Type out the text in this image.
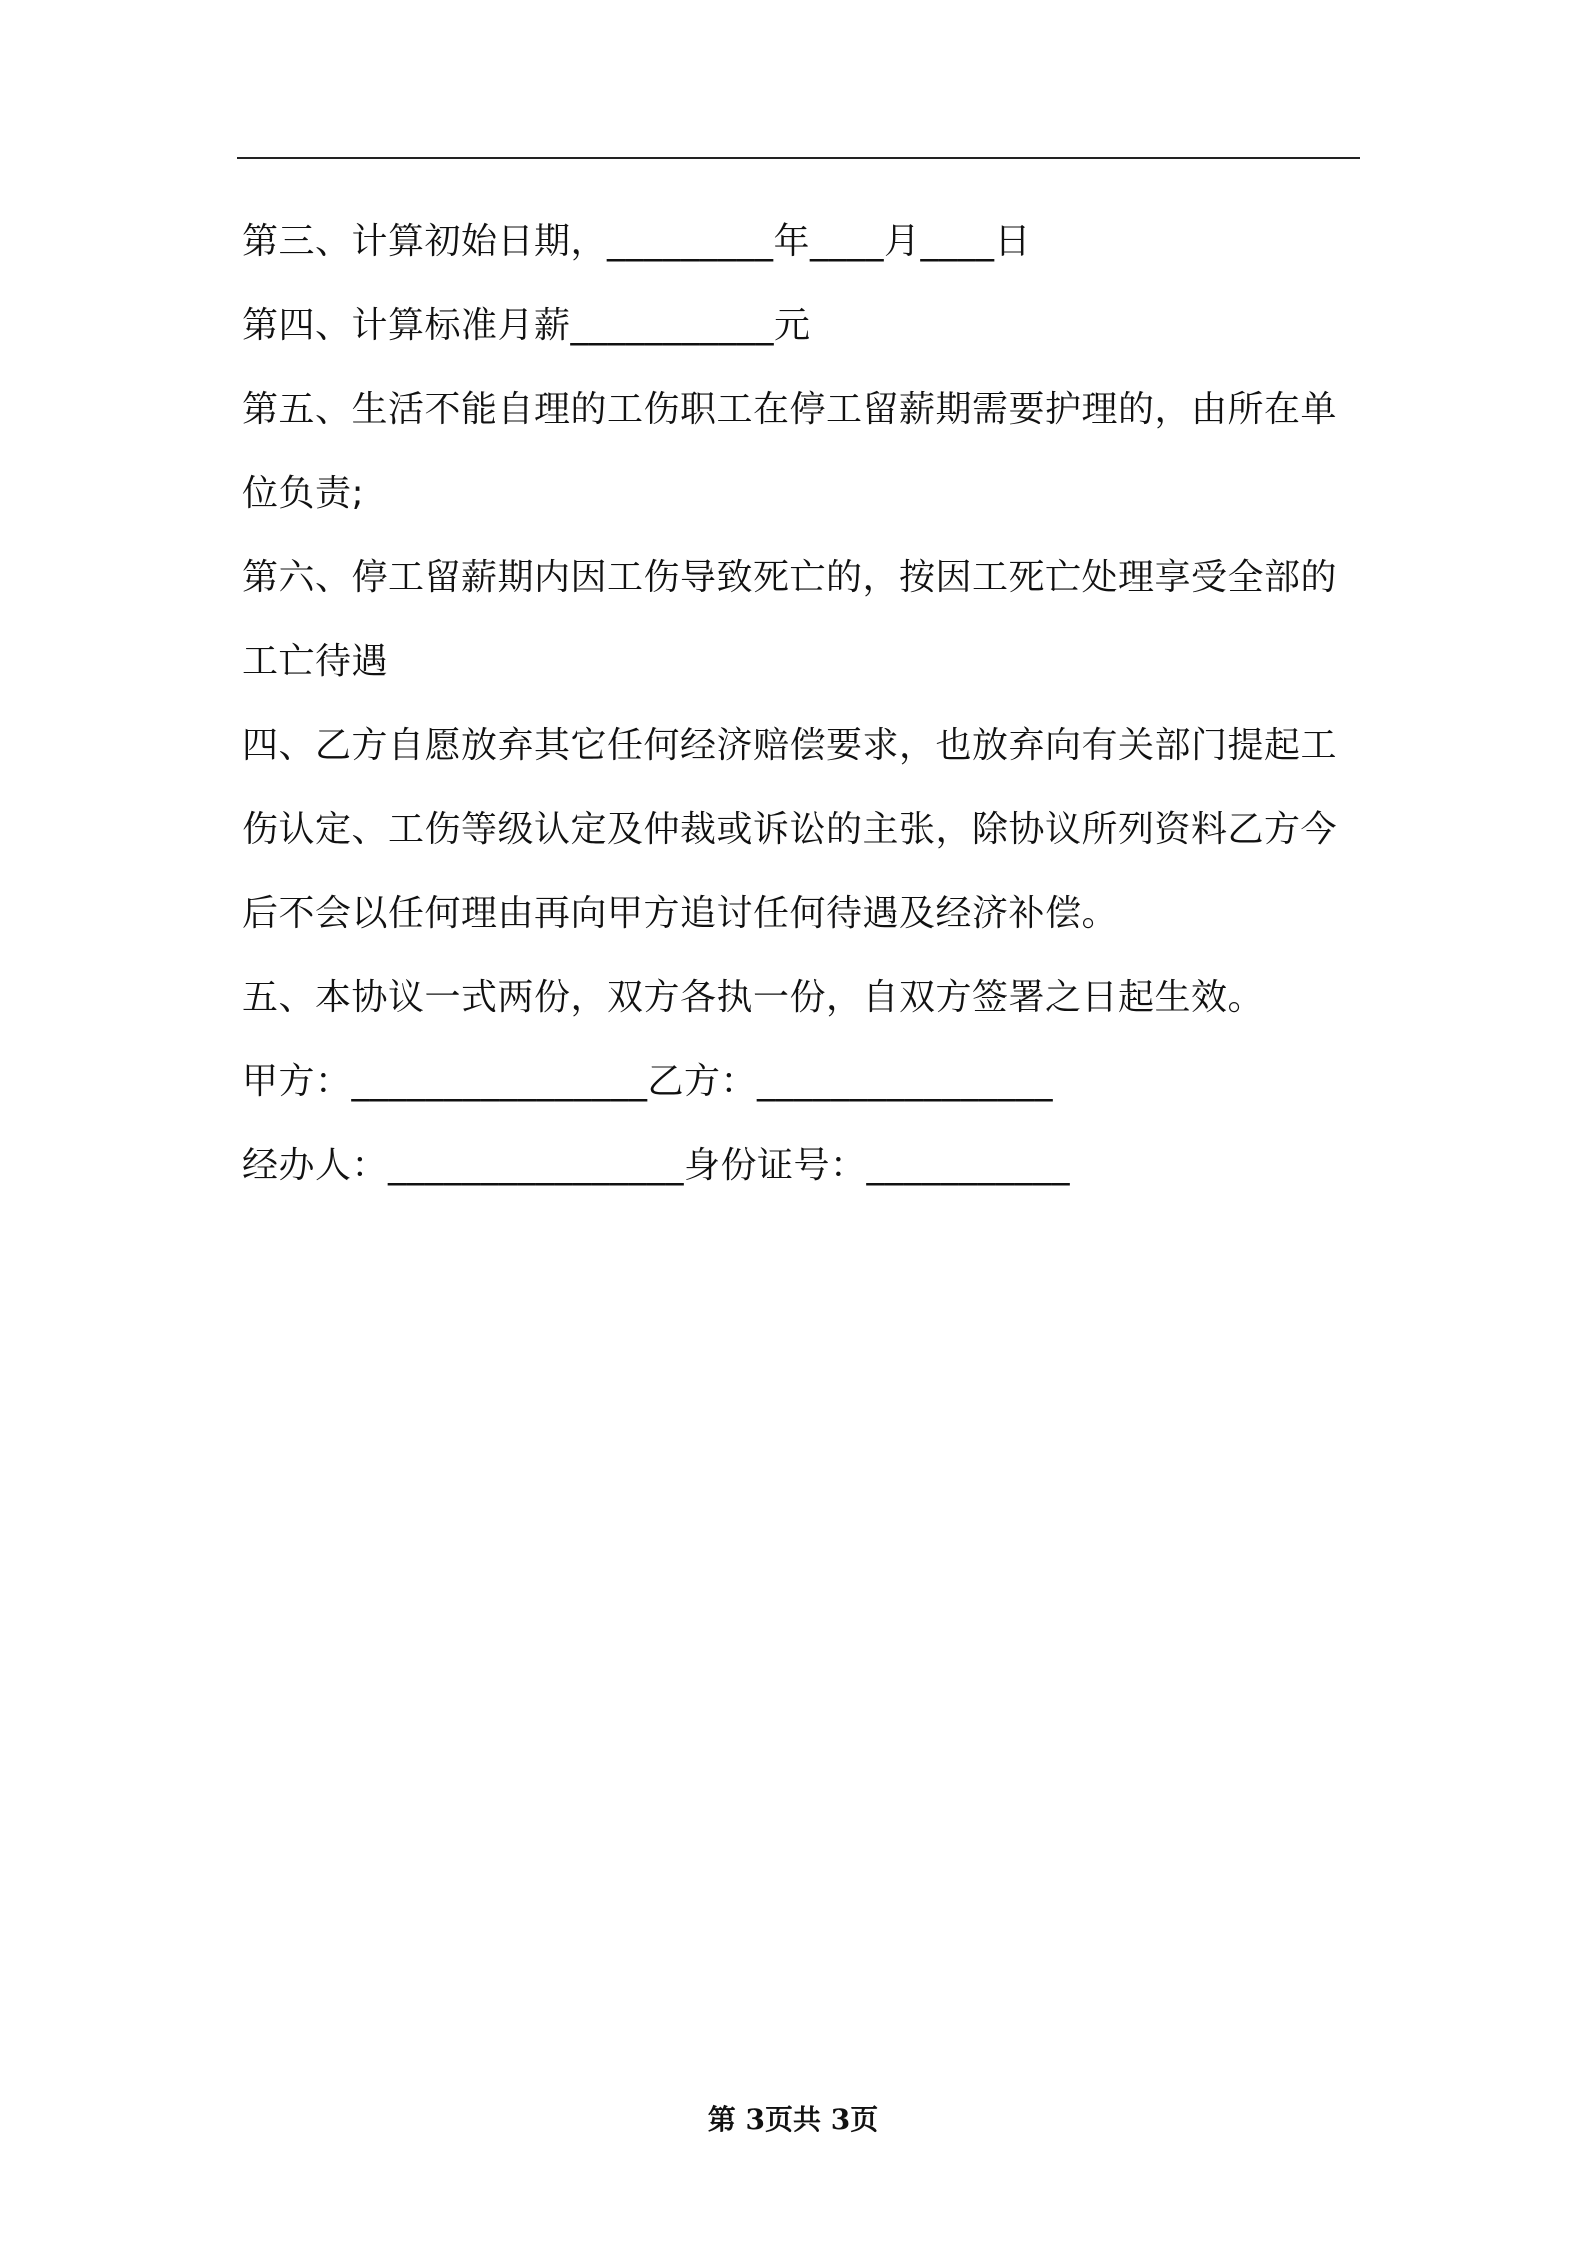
第三、计算初始日期，_________年____月____日
第四、计算标准月薪___________元
第五、生活不能自理的工伤职工在停工留薪期需要护理的，由所在单
位负责;
第六、停工留薪期内因工伤导致死亡的，按因工死亡处理享受全部的
工亡待遇
四、乙方自愿放弃其它任何经济赔偿要求，也放弃向有关部门提起工
伤认定、工伤等级认定及仲裁或诉讼的主张，除协议所列资料乙方今
后不会以任何理由再向甲方追讨任何待遇及经济补偿。
五、本协议一式两份，双方各执一份，自双方签署之日起生效。
甲方：________________乙方：________________
经办人：________________身份证号：___________
第 3页共 3页
